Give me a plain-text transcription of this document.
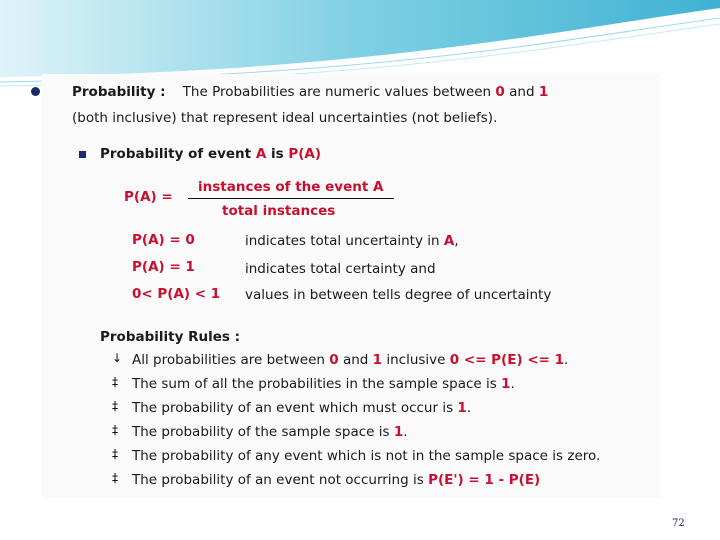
Probability : The Probabilities are numeric values between 0 and 1
(both inclusive) that represent ideal uncertainties (not beliefs).
Probability of event A is P(A)
P(A) =
instances of the event A
total instances
P(A) = 0	indicates total uncertainty in A,
P(A) = 1	indicates total certainty and
0< P(A) < 1 values in between tells degree of uncertainty
Probability Rules :
↓ All probabilities are between 0 and 1 inclusive 0 <= P(E) <= 1.
‡ The sum of all the probabilities in the sample space is 1.
‡ The probability of an event which must occur is 1.
‡ The probability of the sample space is 1.
‡ The probability of any event which is not in the sample space is zero.
‡ The probability of an event not occurring is P(E') = 1 - P(E)
72
